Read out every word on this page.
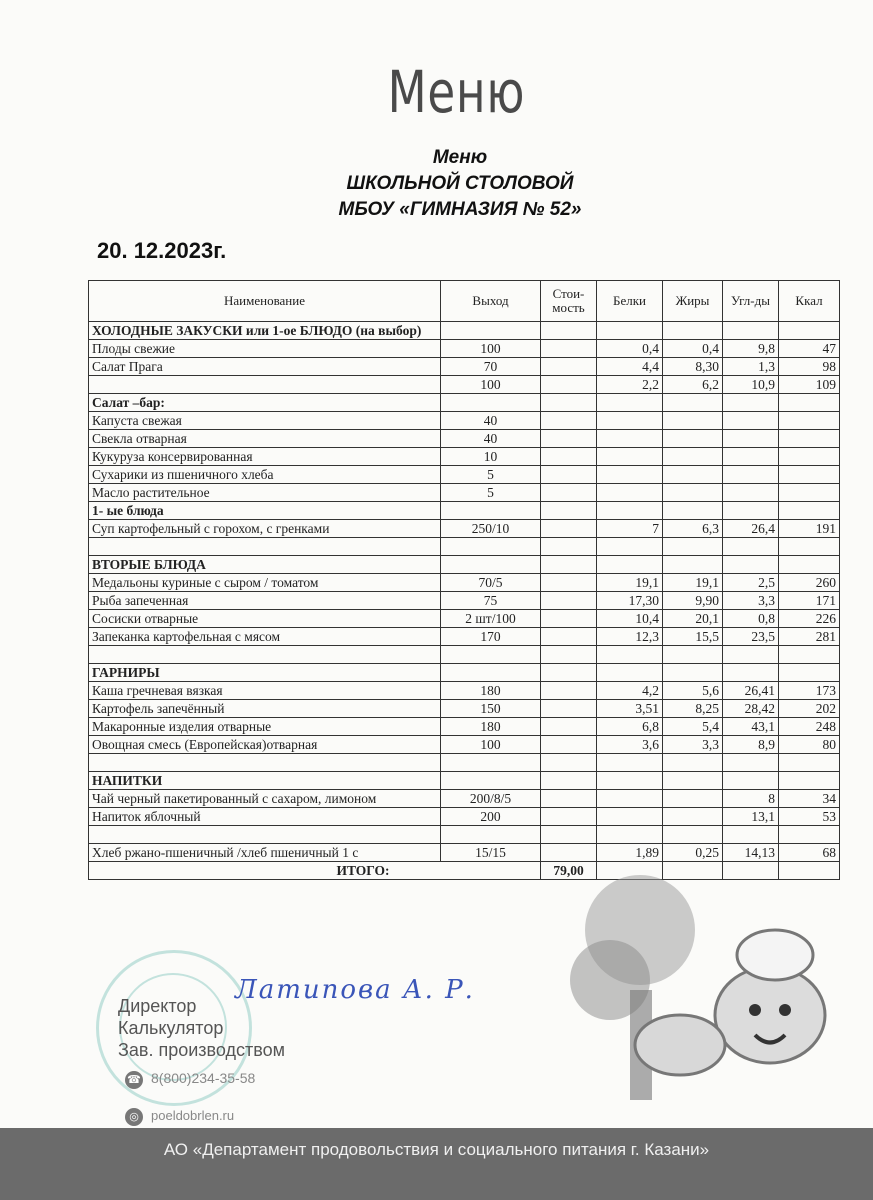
Меню
Меню
ШКОЛЬНОЙ СТОЛОВОЙ
МБОУ «ГИМНАЗИЯ № 52»
20. 12.2023г.
Наименование	Выход	Стои-мость	Белки	Жиры	Угл-ды	Ккал
ХОЛОДНЫЕ ЗАКУСКИ или 1-ое БЛЮДО (на выбор)						
Плоды свежие	100		0,4	0,4	9,8	47
Салат Прага	70		4,4	8,30	1,3	98
	100		2,2	6,2	10,9	109
Салат –бар:						
Капуста свежая	40					
Свекла отварная	40					
Кукуруза консервированная	10					
Сухарики из пшеничного хлеба	5					
Масло растительное	5					
1- ые блюда						
Суп картофельный с горохом, с гренками	250/10		7	6,3	26,4	191

ВТОРЫЕ БЛЮДА						
Медальоны куриные с сыром / томатом	70/5		19,1	19,1	2,5	260
Рыба запеченная	75		17,30	9,90	3,3	171
Сосиски отварные	2 шт/100		10,4	20,1	0,8	226
Запеканка картофельная с мясом	170		12,3	15,5	23,5	281

ГАРНИРЫ						
Каша гречневая вязкая	180		4,2	5,6	26,41	173
Картофель запечённый	150		3,51	8,25	28,42	202
Макаронные изделия отварные	180		6,8	5,4	43,1	248
Овощная смесь (Европейская)отварная	100		3,6	3,3	8,9	80

НАПИТКИ						
Чай черный пакетированный с сахаром, лимоном	200/8/5				8	34
Напиток яблочный	200				13,1	53

Хлеб ржано-пшеничный /хлеб пшеничный 1 с	15/15		1,89	0,25	14,13	68
ИТОГО:		79,00				
Латипова А. Р.
Директор
Калькулятор
Зав. производством
☎ 8(800)234-35-58
◎ poeldobrlen.ru
АО «Департамент продовольствия и социального питания г. Казани»
